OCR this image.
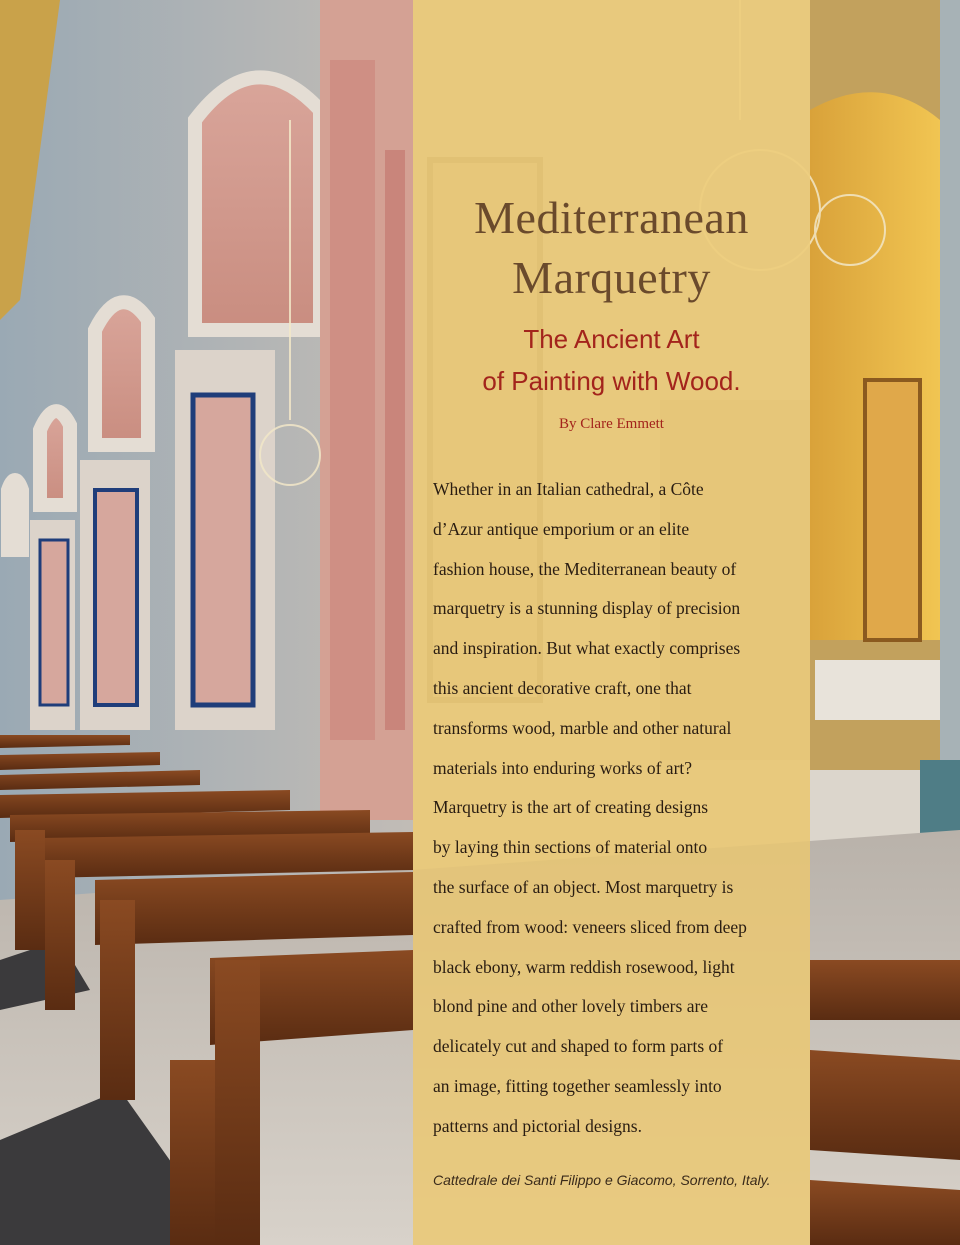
Mediterranean
Marquetry
The Ancient Art
of Painting with Wood.
By Clare Emmett
Whether in an Italian cathedral, a Côte
d’Azur antique emporium or an elite
fashion house, the Mediterranean beauty of
marquetry is a stunning display of precision
and inspiration. But what exactly comprises
this ancient decorative craft, one that
transforms wood, marble and other natural
materials into enduring works of art?
Marquetry is the art of creating designs
by laying thin sections of material onto
the surface of an object. Most marquetry is
crafted from wood: veneers sliced from deep
black ebony, warm reddish rosewood, light
blond pine and other lovely timbers are
delicately cut and shaped to form parts of
an image, fitting together seamlessly into
patterns and pictorial designs.
Cattedrale dei Santi Filippo e Giacomo, Sorrento, Italy.
